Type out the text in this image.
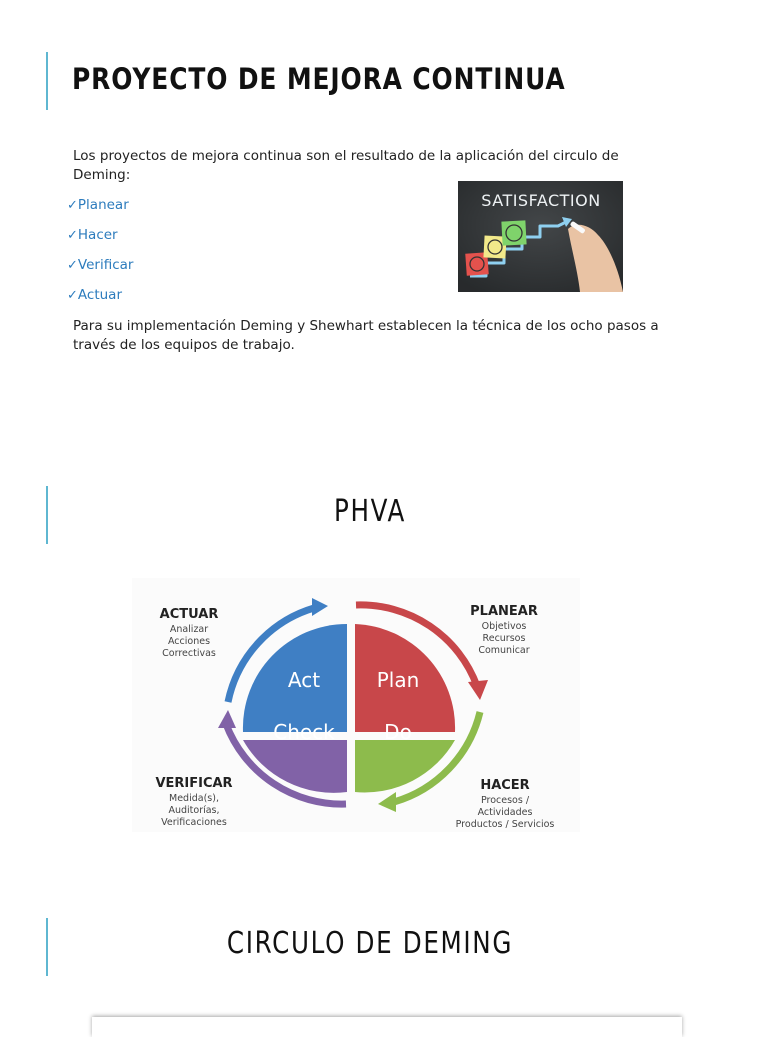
PROYECTO DE MEJORA CONTINUA

Los proyectos de mejora continua son el resultado de la aplicación del circulo de Deming:

✓Planear
✓Hacer
✓Verificar
✓Actuar
SATISFACTION

Para su implementación Deming y Shewhart establecen la técnica de los ocho pasos a través de los equipos de trabajo.

PHVA
Act	Plan
Check Do
ACTUAR
Analizar
Acciones
Correctivas
PLANEAR
Objetivos
Recursos
Comunicar
VERIFICAR
Medida(s),
Auditorías,
Verificaciones
HACER
Procesos /
Actividades
Productos / Servicios
CIRCULO DE DEMING
